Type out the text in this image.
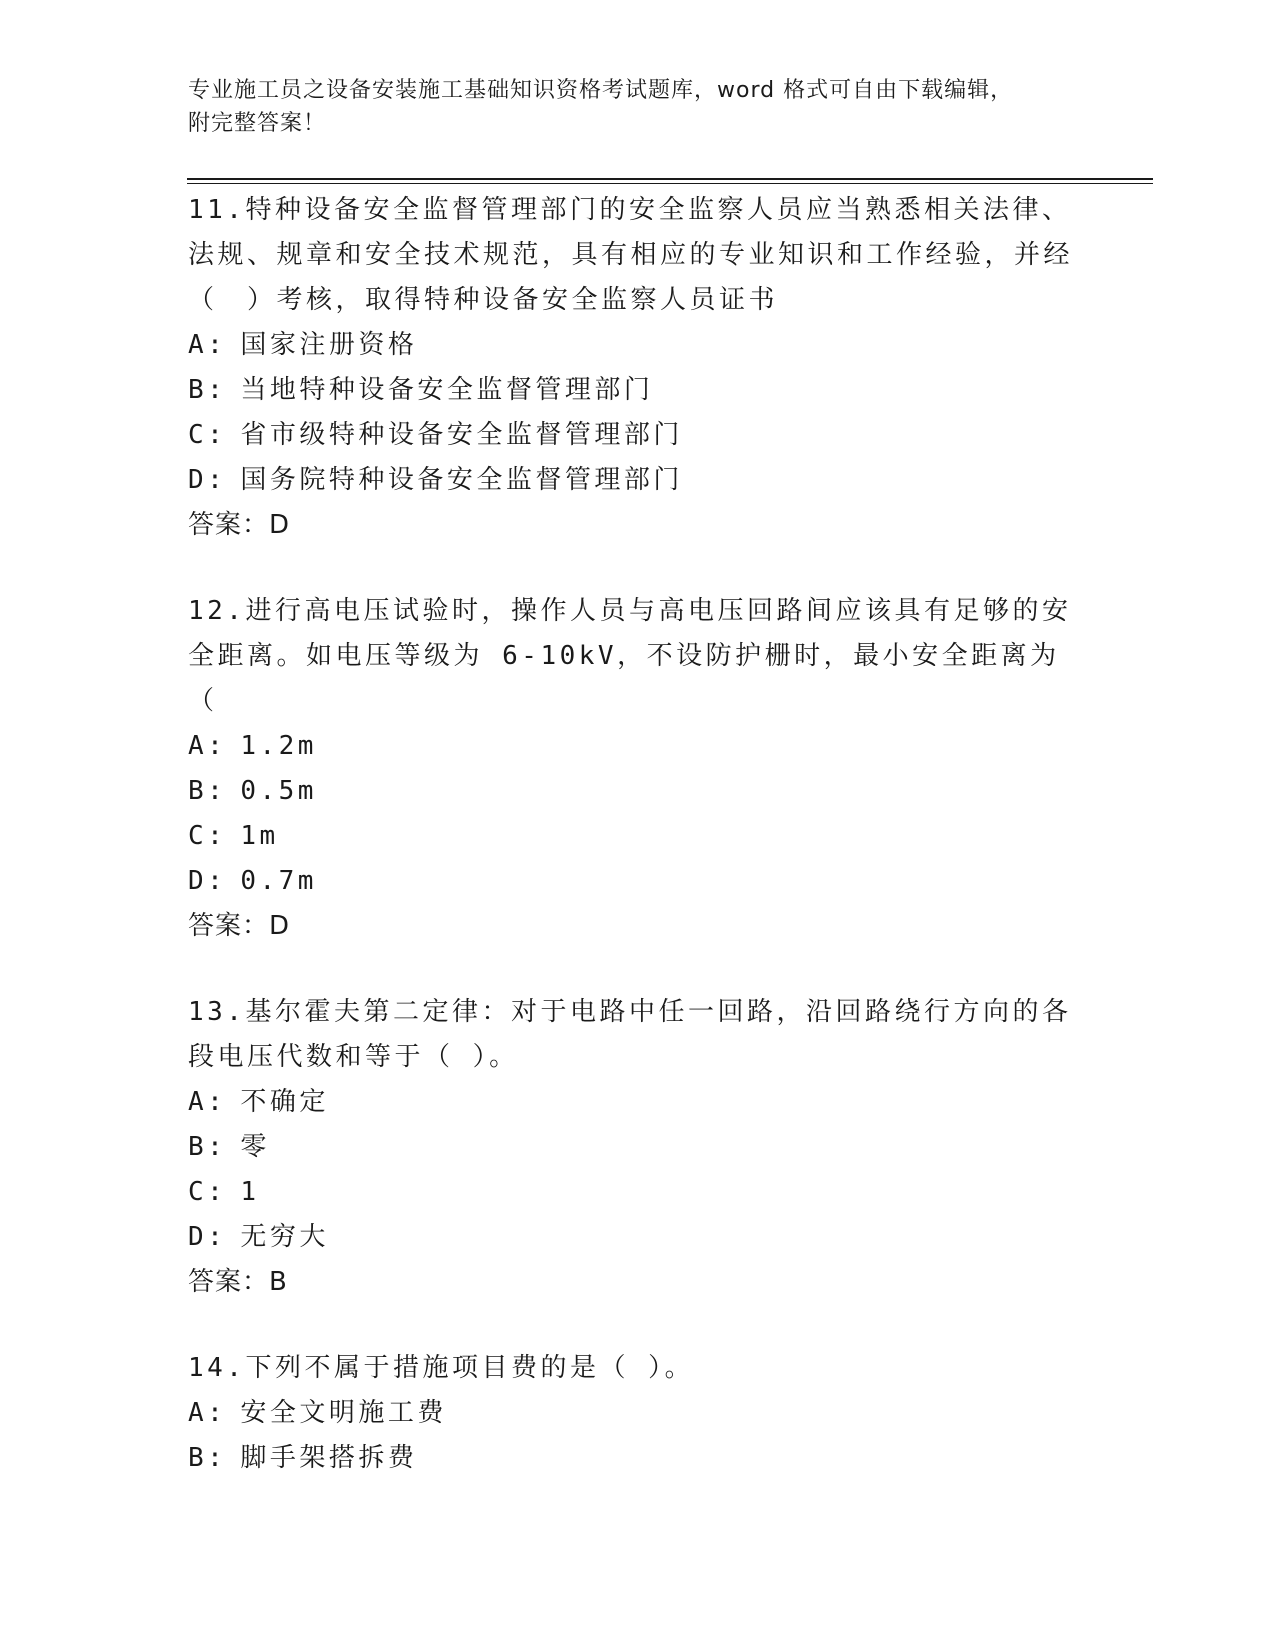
专业施工员之设备安装施工基础知识资格考试题库，word 格式可自由下载编辑，
附完整答案！
11.特种设备安全监督管理部门的安全监察人员应当熟悉相关法律、法规、规章和安全技术规范，具有相应的专业知识和工作经验，并经（　）考核，取得特种设备安全监察人员证书
A: 国家注册资格
B: 当地特种设备安全监督管理部门
C: 省市级特种设备安全监督管理部门
D: 国务院特种设备安全监督管理部门
答案：D
12.进行高电压试验时，操作人员与高电压回路间应该具有足够的安全距离。如电压等级为 6-10kV，不设防护栅时，最小安全距离为（
A: 1.2m
B: 0.5m
C: 1m
D: 0.7m
答案：D
13.基尔霍夫第二定律：对于电路中任一回路，沿回路绕行方向的各段电压代数和等于（ ）。
A: 不确定
B: 零
C: 1
D: 无穷大
答案：B
14.下列不属于措施项目费的是（ ）。
A: 安全文明施工费
B: 脚手架搭拆费
